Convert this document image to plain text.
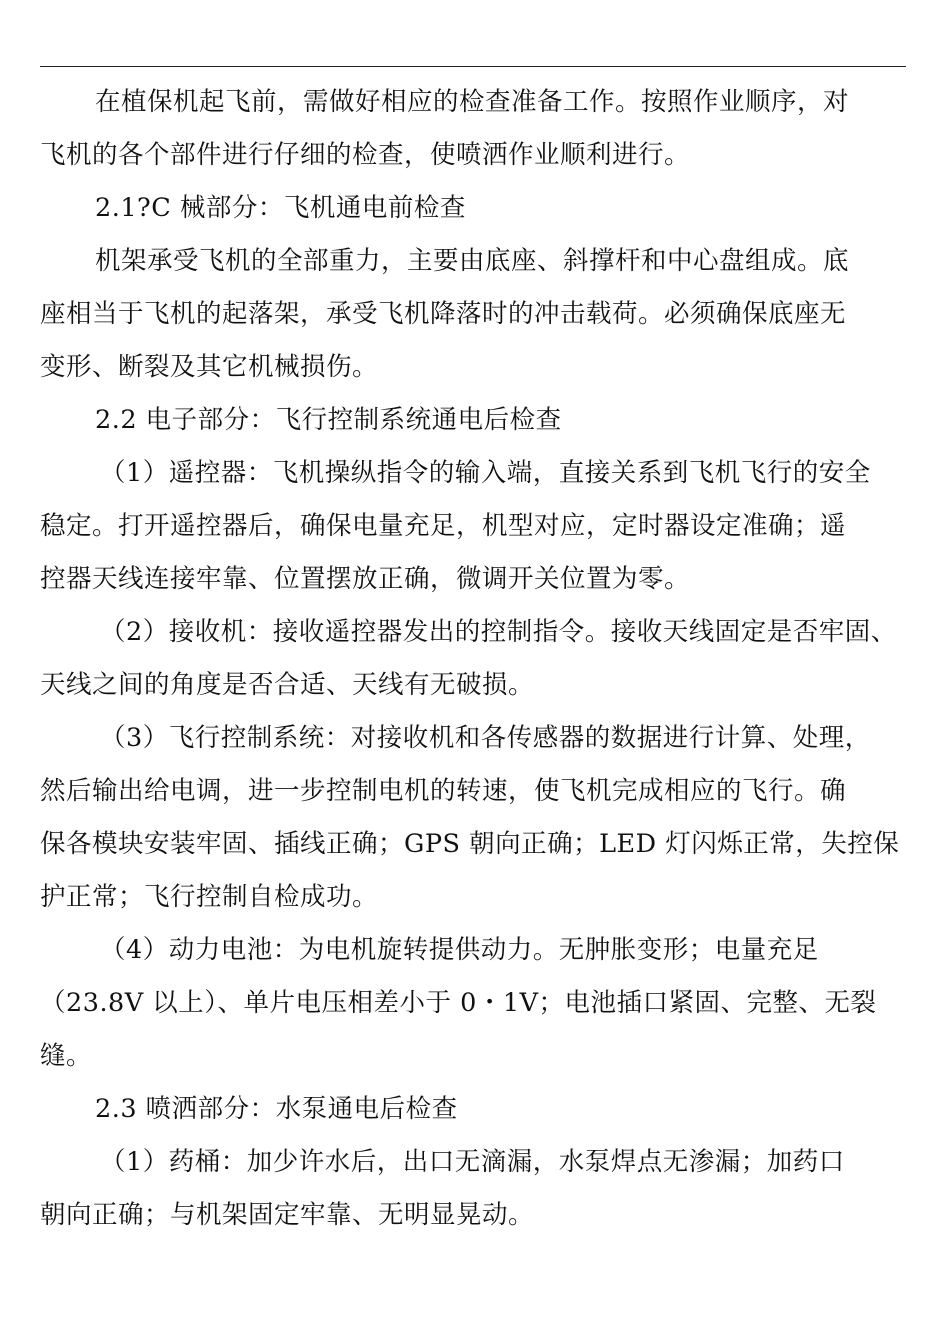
在植保机起飞前，需做好相应的检查准备工作。按照作业顺序，对
飞机的各个部件进行仔细的检查，使喷洒作业顺利进行。
2.1?C 械部分：飞机通电前检查
机架承受飞机的全部重力，主要由底座、斜撑杆和中心盘组成。底
座相当于飞机的起落架，承受飞机降落时的冲击载荷。必须确保底座无
变形、断裂及其它机械损伤。
2.2 电子部分：飞行控制系统通电后检查
（1）遥控器：飞机操纵指令的输入端，直接关系到飞机飞行的安全
稳定。打开遥控器后，确保电量充足，机型对应，定时器设定准确；遥
控器天线连接牢靠、位置摆放正确，微调开关位置为零。
（2）接收机：接收遥控器发出的控制指令。接收天线固定是否牢固、
天线之间的角度是否合适、天线有无破损。
（3）飞行控制系统：对接收机和各传感器的数据进行计算、处理，
然后输出给电调，进一步控制电机的转速，使飞机完成相应的飞行。确
保各模块安装牢固、插线正确；GPS 朝向正确；LED 灯闪烁正常，失控保
护正常；飞行控制自检成功。
（4）动力电池：为电机旋转提供动力。无肿胀变形；电量充足
（23.8V 以上）、单片电压相差小于 0・1V；电池插口紧固、完整、无裂
缝。
2.3 喷洒部分：水泵通电后检查
（1）药桶：加少许水后，出口无滴漏，水泵焊点无渗漏；加药口
朝向正确；与机架固定牢靠、无明显晃动。
